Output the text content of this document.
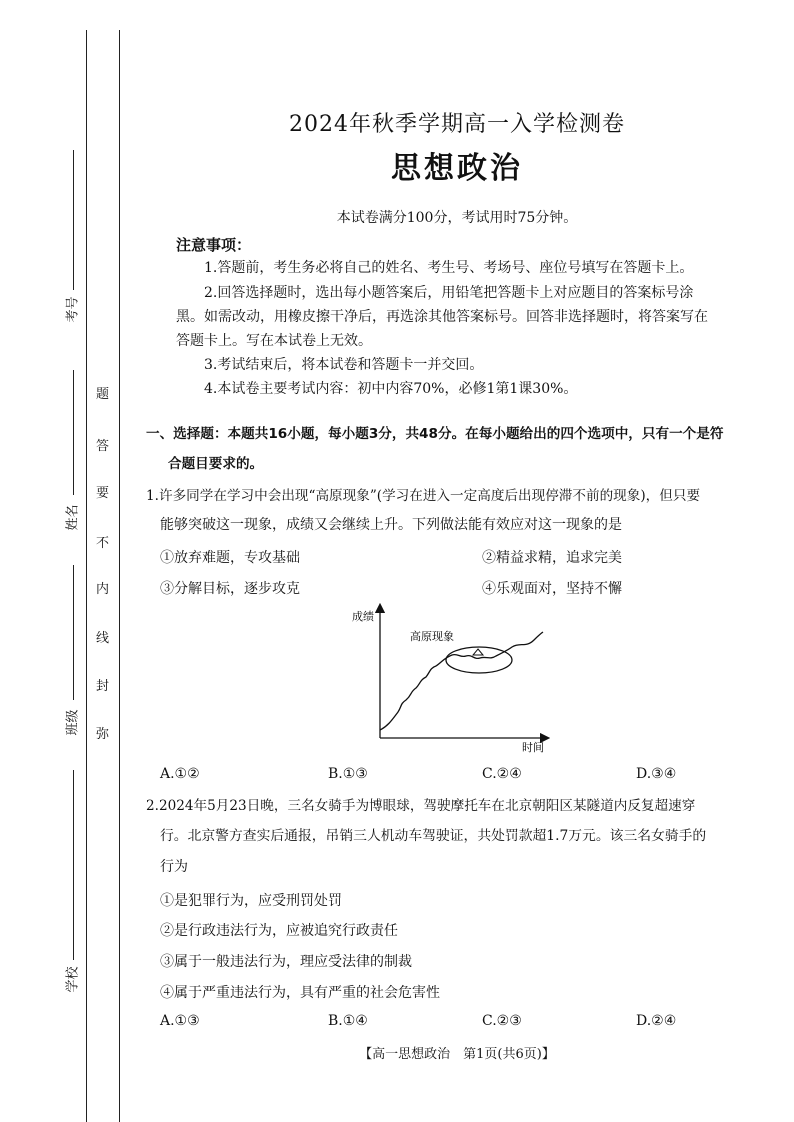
考号
姓名
班级
学校
题
答
要
不
内
线
封
弥
2024年秋季学期高一入学检测卷
思想政治
本试卷满分100分，考试用时75分钟。
注意事项：
1.答题前，考生务必将自己的姓名、考生号、考场号、座位号填写在答题卡上。
2.回答选择题时，选出每小题答案后，用铅笔把答题卡上对应题目的答案标号涂
黑。如需改动，用橡皮擦干净后，再选涂其他答案标号。回答非选择题时，将答案写在
答题卡上。写在本试卷上无效。
3.考试结束后，将本试卷和答题卡一并交回。
4.本试卷主要考试内容：初中内容70%，必修1第1课30%。
一、选择题：本题共16小题，每小题3分，共48分。在每小题给出的四个选项中，只有一个是符
合题目要求的。
1.许多同学在学习中会出现“高原现象”(学习在进入一定高度后出现停滞不前的现象)，但只要
能够突破这一现象，成绩又会继续上升。下列做法能有效应对这一现象的是
①放弃难题，专攻基础	②精益求精，追求完美
③分解目标，逐步攻克	④乐观面对，坚持不懈
成绩
时间
高原现象
A.①②	B.①③	C.②④	D.③④
2.2024年5月23日晚，三名女骑手为博眼球，驾驶摩托车在北京朝阳区某隧道内反复超速穿
行。北京警方查实后通报，吊销三人机动车驾驶证，共处罚款超1.7万元。该三名女骑手的
行为
①是犯罪行为，应受刑罚处罚
②是行政违法行为，应被追究行政责任
③属于一般违法行为，理应受法律的制裁
④属于严重违法行为，具有严重的社会危害性
A.①③	B.①④	C.②③	D.②④
【高一思想政治　第1页(共6页)】
